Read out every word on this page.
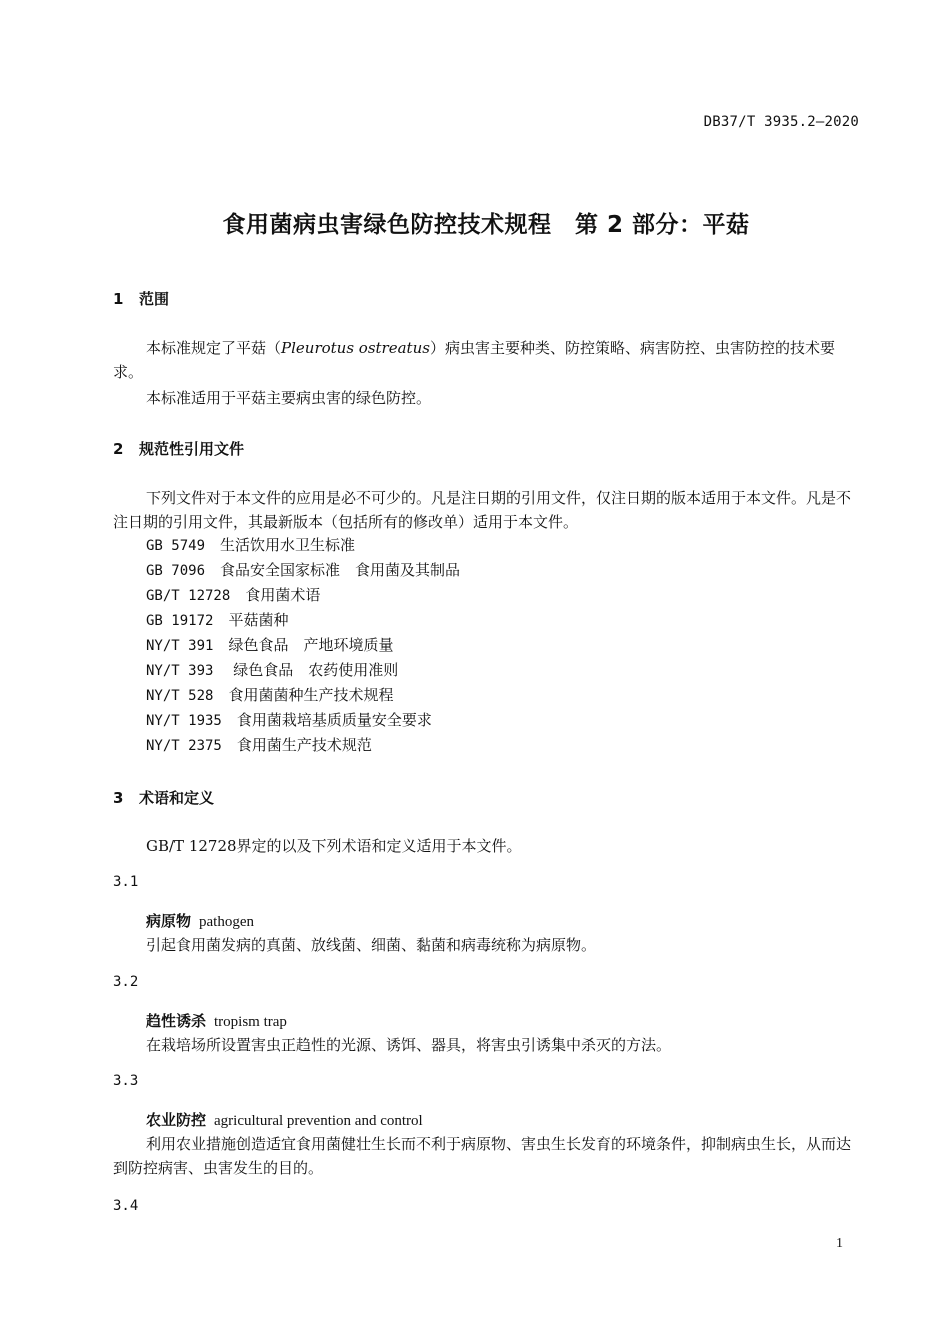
DB37/T 3935.2—2020
食用菌病虫害绿色防控技术规程　第 2 部分：平菇
1 范围
本标准规定了平菇（Pleurotus ostreatus）病虫害主要种类、防控策略、病害防控、虫害防控的技术要求。
本标准适用于平菇主要病虫害的绿色防控。
2 规范性引用文件
下列文件对于本文件的应用是必不可少的。凡是注日期的引用文件，仅注日期的版本适用于本文件。凡是不注日期的引用文件，其最新版本（包括所有的修改单）适用于本文件。
GB 5749　 生活饮用水卫生标准
GB 7096　 食品安全国家标准　食用菌及其制品
GB/T 12728　 食用菌术语
GB 19172　 平菇菌种
NY/T 391　 绿色食品　产地环境质量
NY/T 393　 绿色食品　农药使用准则
NY/T 528　 食用菌菌种生产技术规程
NY/T 1935　 食用菌栽培基质质量安全要求
NY/T 2375　 食用菌生产技术规范
3 术语和定义
GB/T 12728界定的以及下列术语和定义适用于本文件。
3.1
病原物 pathogen
引起食用菌发病的真菌、放线菌、细菌、黏菌和病毒统称为病原物。
3.2
趋性诱杀 tropism trap
在栽培场所设置害虫正趋性的光源、诱饵、器具，将害虫引诱集中杀灭的方法。
3.3
农业防控 agricultural prevention and control
利用农业措施创造适宜食用菌健壮生长而不利于病原物、害虫生长发育的环境条件，抑制病虫生长，从而达到防控病害、虫害发生的目的。
3.4
1
